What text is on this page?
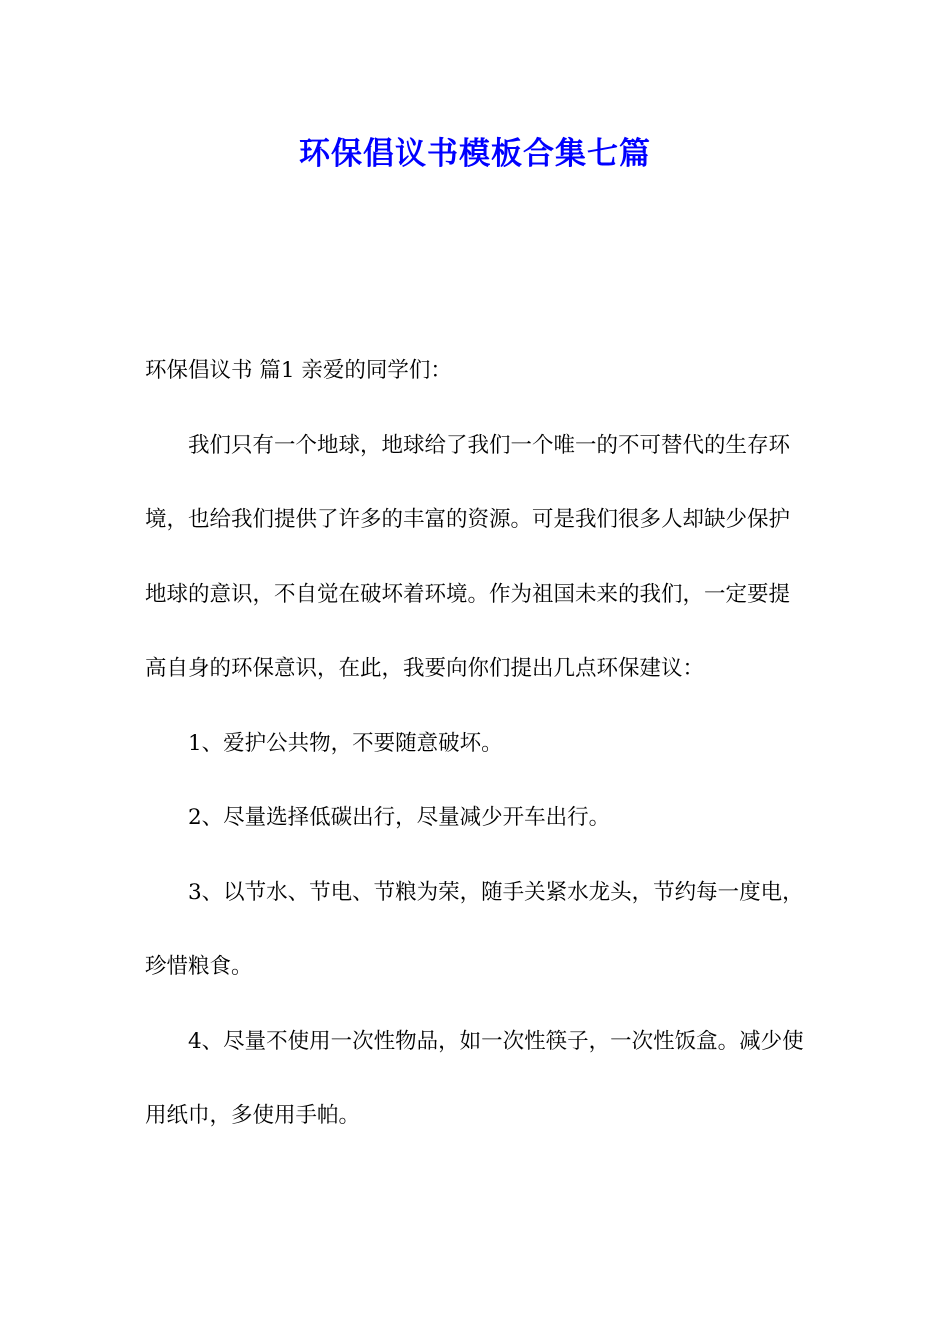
环保倡议书模板合集七篇

环保倡议书 篇1 亲爱的同学们：

我们只有一个地球，地球给了我们一个唯一的不可替代的生存环境，也给我们提供了许多的丰富的资源。可是我们很多人却缺少保护地球的意识，不自觉在破坏着环境。作为祖国未来的我们，一定要提高自身的环保意识，在此，我要向你们提出几点环保建议：

1、爱护公共物，不要随意破坏。

2、尽量选择低碳出行，尽量减少开车出行。

3、以节水、节电、节粮为荣，随手关紧水龙头，节约每一度电，珍惜粮食。

4、尽量不使用一次性物品，如一次性筷子，一次性饭盒。减少使用纸巾，多使用手帕。
